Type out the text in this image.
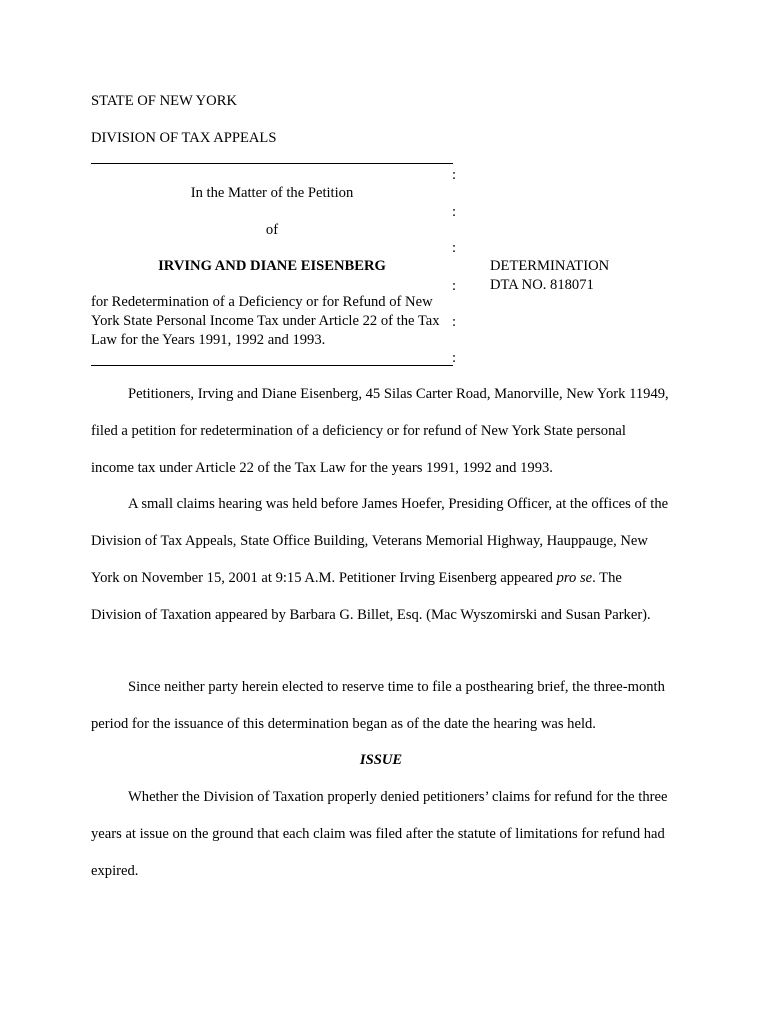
STATE OF NEW YORK
DIVISION OF TAX APPEALS
:
In the Matter of the Petition
:
of
:
IRVING AND DIANE EISENBERG
:
for Redetermination of a Deficiency or for Refund of New York State Personal Income Tax under Article 22 of the Tax Law for the Years 1991, 1992 and 1993.
:
:
DETERMINATION
DTA NO. 818071
Petitioners, Irving and Diane Eisenberg, 45 Silas Carter Road, Manorville, New York 11949, filed a petition for redetermination of a deficiency or for refund of New York State personal income tax under Article 22 of the Tax Law for the years 1991, 1992 and 1993.
A small claims hearing was held before James Hoefer, Presiding Officer, at the offices of the Division of Tax Appeals, State Office Building, Veterans Memorial Highway, Hauppauge, New York on November 15, 2001 at 9:15 A.M. Petitioner Irving Eisenberg appeared pro se. The Division of Taxation appeared by Barbara G. Billet, Esq. (Mac Wyszomirski and Susan Parker).
Since neither party herein elected to reserve time to file a posthearing brief, the three-month period for the issuance of this determination began as of the date the hearing was held.
ISSUE
Whether the Division of Taxation properly denied petitioners’ claims for refund for the three years at issue on the ground that each claim was filed after the statute of limitations for refund had expired.
